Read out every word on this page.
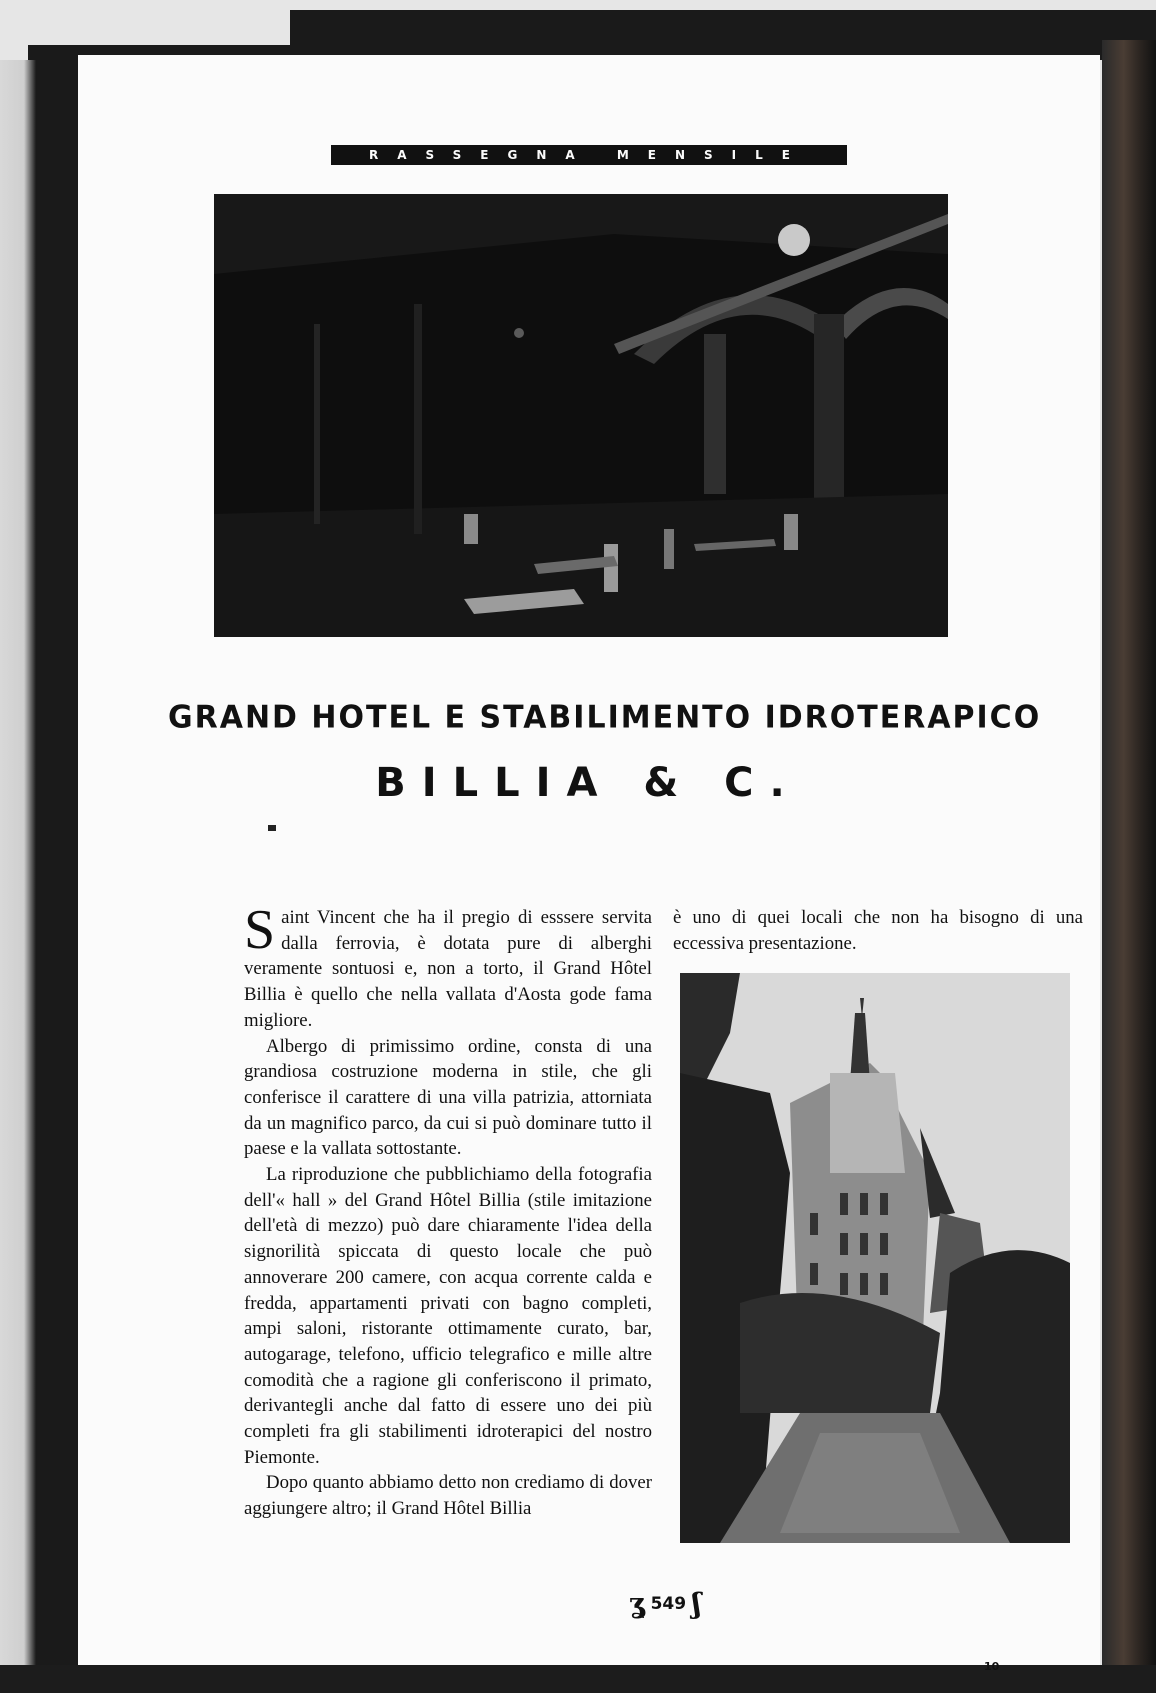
RASSEGNA MENSILE
GRAND HOTEL E STABILIMENTO IDROTERAPICO
BILLIA & C.

Saint Vincent che ha il pregio di esssere servita dalla ferrovia, è dotata pure di alberghi veramente sontuosi e, non a torto, il Grand Hôtel Billia è quello che nella vallata d'Aosta gode fama migliore.

Albergo di primissimo ordine, consta di una grandiosa costruzione moderna in stile, che gli conferisce il carattere di una villa patrizia, attorniata da un magnifico parco, da cui si può dominare tutto il paese e la vallata sottostante.

La riproduzione che pubblichiamo della fotografia dell'« hall » del Grand Hôtel Billia (stile imitazione dell'età di mezzo) può dare chiaramente l'idea della signorilità spiccata di questo locale che può annoverare 200 camere, con acqua corrente calda e fredda, appartamenti privati con bagno completi, ampi saloni, ristorante ottimamente curato, bar, autogarage, telefono, ufficio telegrafico e mille altre comodità che a ragione gli conferiscono il primato, derivantegli anche dal fatto di essere uno dei più completi fra gli stabilimenti idroterapici del nostro Piemonte.

Dopo quanto abbiamo detto non crediamo di dover aggiungere altro; il Grand Hôtel Billia

è uno di quei locali che non ha bisogno di una eccessiva presentazione.

ʓ 549 ʃ
10
